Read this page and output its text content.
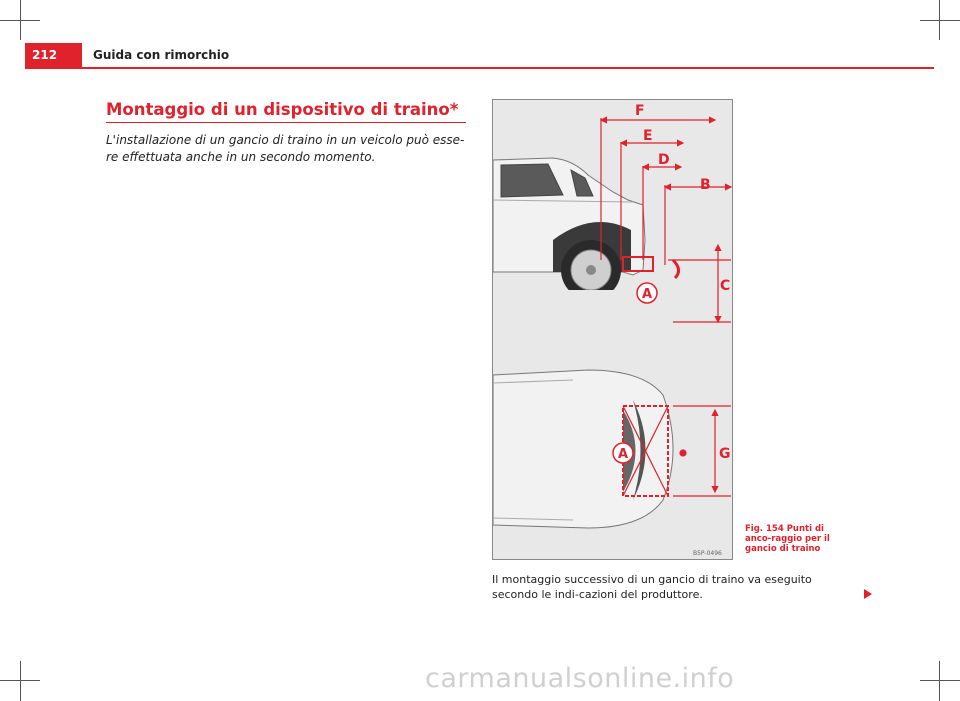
212	Guida con rimorchio
Montaggio di un dispositivo di traino*
L'installazione di un gancio di traino in un veicolo può esse-re effettuata anche in un secondo momento.
F
E
D
B
C
A
A	G
B5P-0496
Fig. 154 Punti di anco-raggio per il gancio di traino
Il montaggio successivo di un gancio di traino va eseguito secondo le indi-cazioni del produttore.
carmanualsonline.info
